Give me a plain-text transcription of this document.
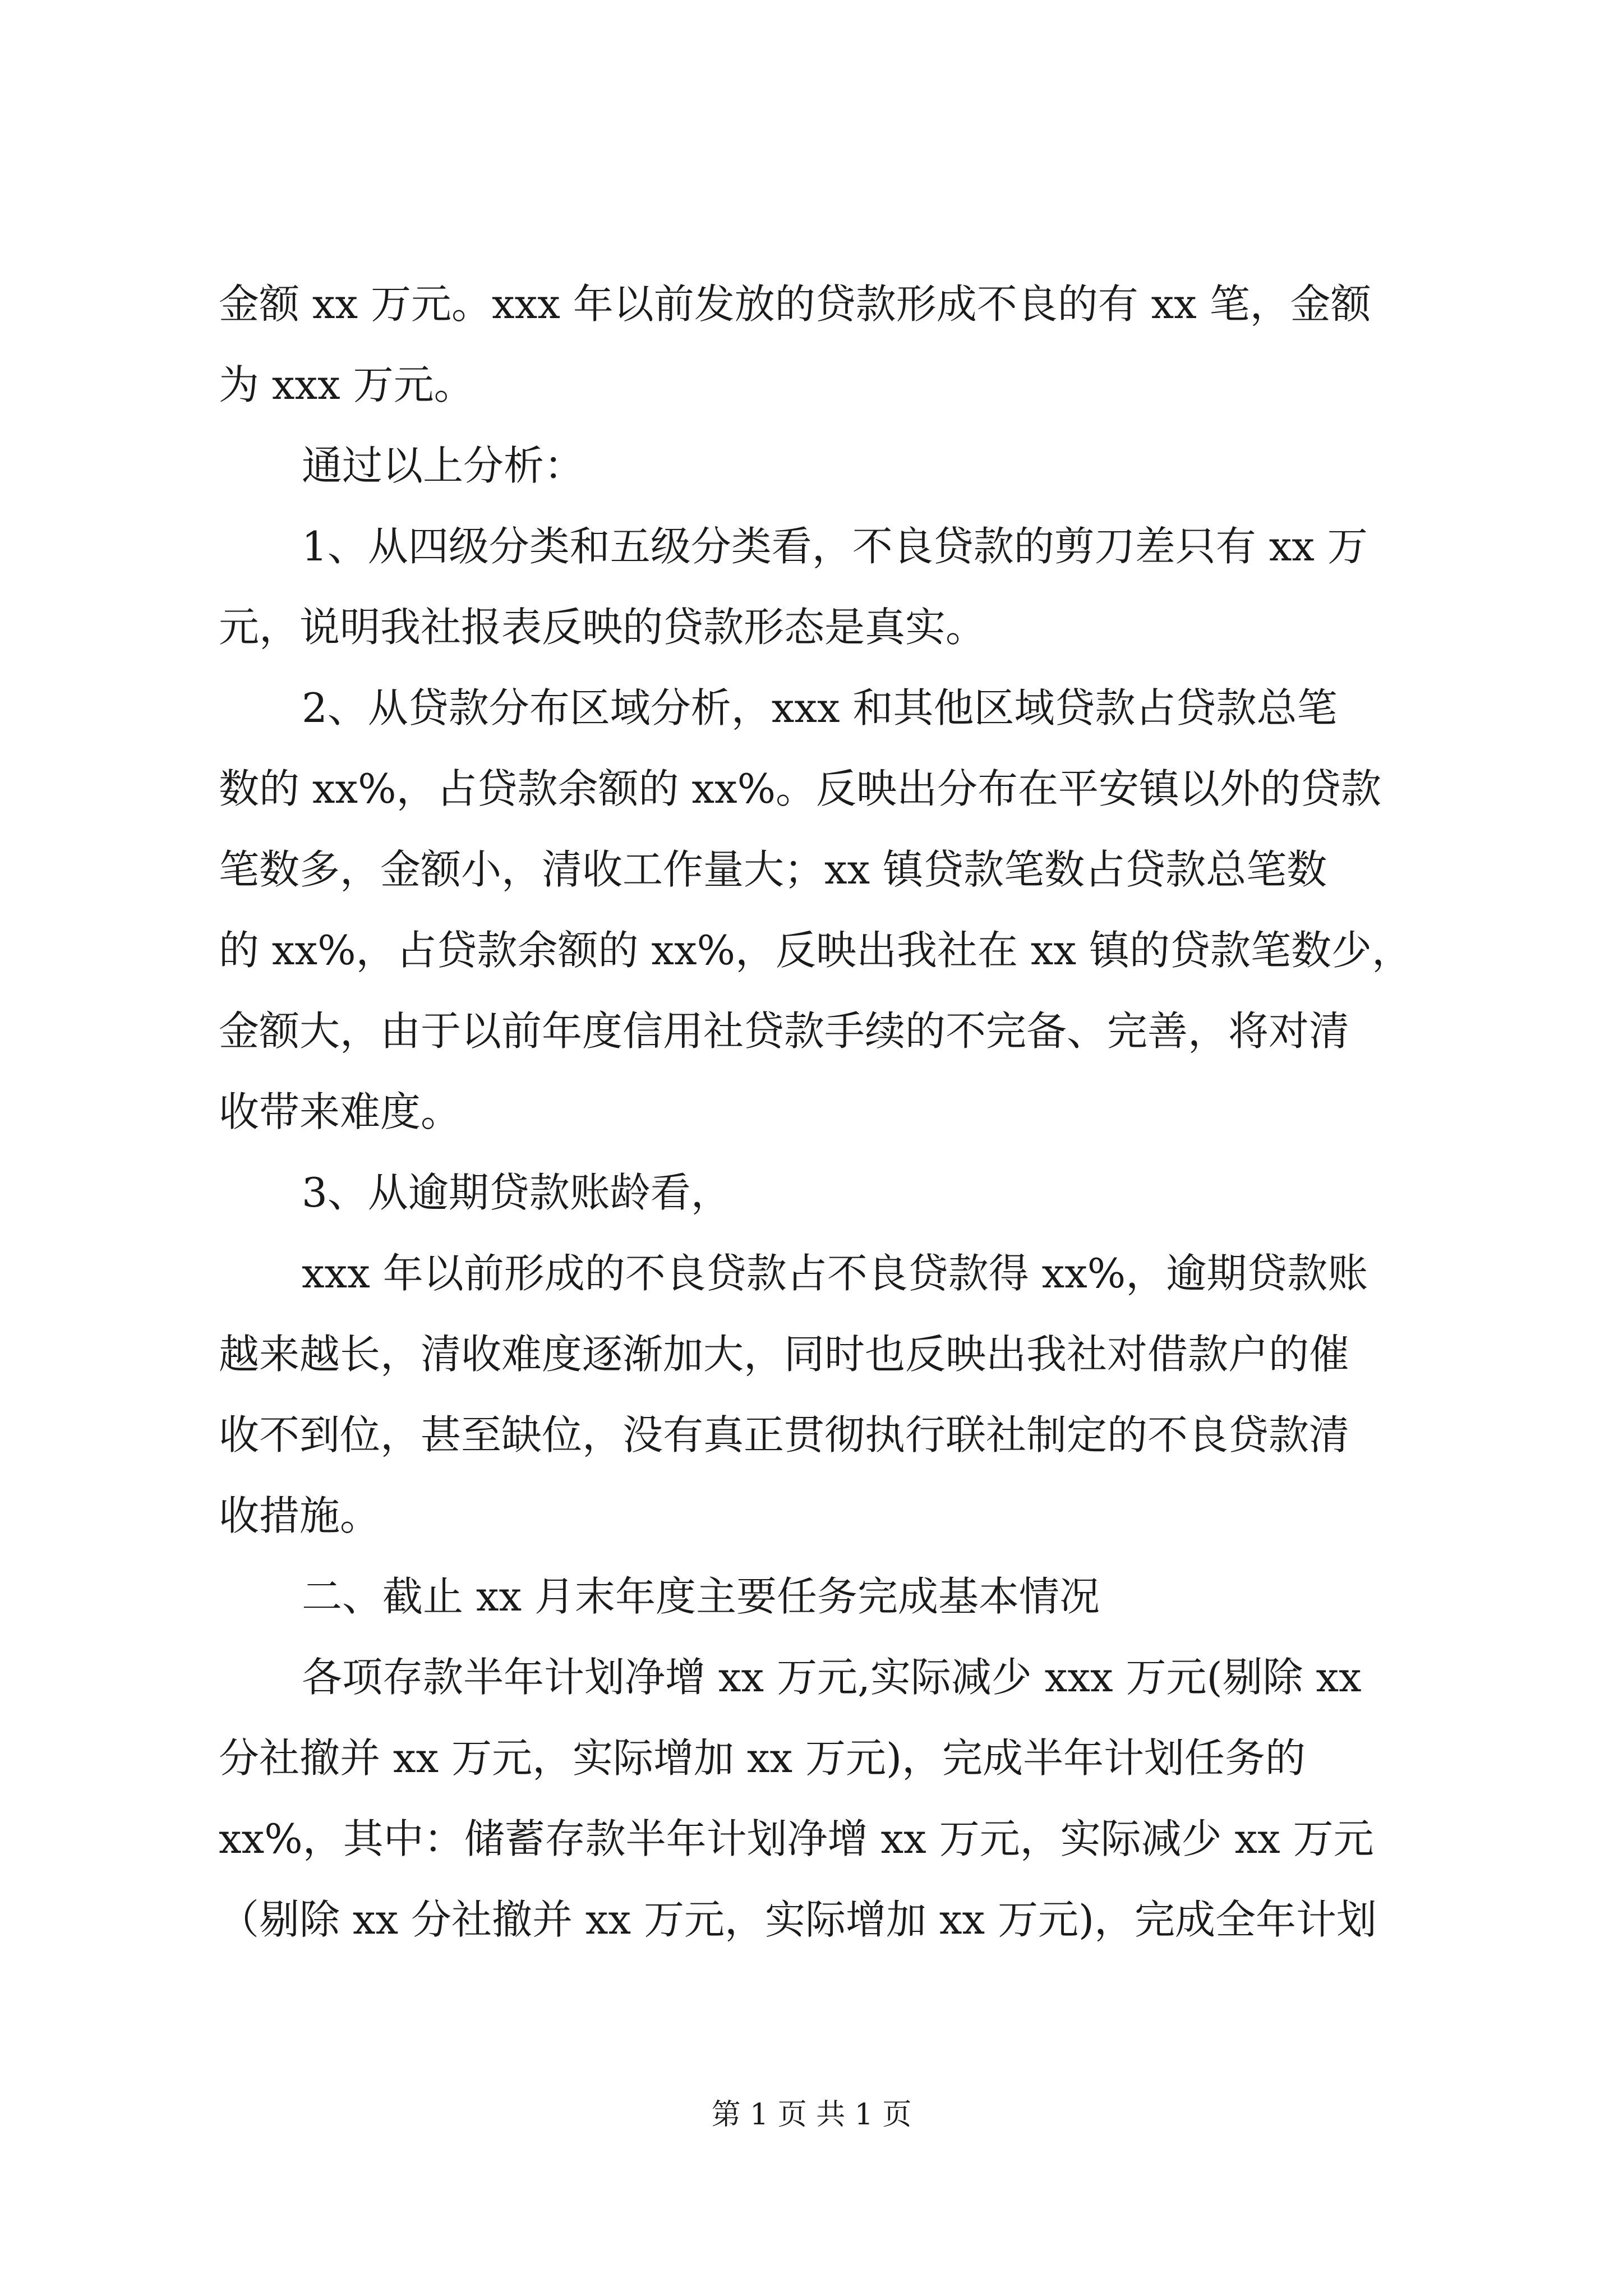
金额 xx 万元。xxx 年以前发放的贷款形成不良的有 xx 笔，金额
为 xxx 万元。
通过以上分析：
1、从四级分类和五级分类看，不良贷款的剪刀差只有 xx 万
元，说明我社报表反映的贷款形态是真实。
2、从贷款分布区域分析，xxx 和其他区域贷款占贷款总笔
数的 xx%，占贷款余额的 xx%。反映出分布在平安镇以外的贷款
笔数多，金额小，清收工作量大；xx 镇贷款笔数占贷款总笔数
的 xx%，占贷款余额的 xx%，反映出我社在 xx 镇的贷款笔数少，
金额大，由于以前年度信用社贷款手续的不完备、完善，将对清
收带来难度。
3、从逾期贷款账龄看，
xxx 年以前形成的不良贷款占不良贷款得 xx%，逾期贷款账
越来越长，清收难度逐渐加大，同时也反映出我社对借款户的催
收不到位，甚至缺位，没有真正贯彻执行联社制定的不良贷款清
收措施。
二、截止 xx 月末年度主要任务完成基本情况
各项存款半年计划净增 xx 万元,实际减少 xxx 万元(剔除 xx
分社撤并 xx 万元，实际增加 xx 万元)，完成半年计划任务的
xx%，其中：储蓄存款半年计划净增 xx 万元，实际减少 xx 万元
（剔除 xx 分社撤并 xx 万元，实际增加 xx 万元)，完成全年计划
第 1 页 共 1 页
